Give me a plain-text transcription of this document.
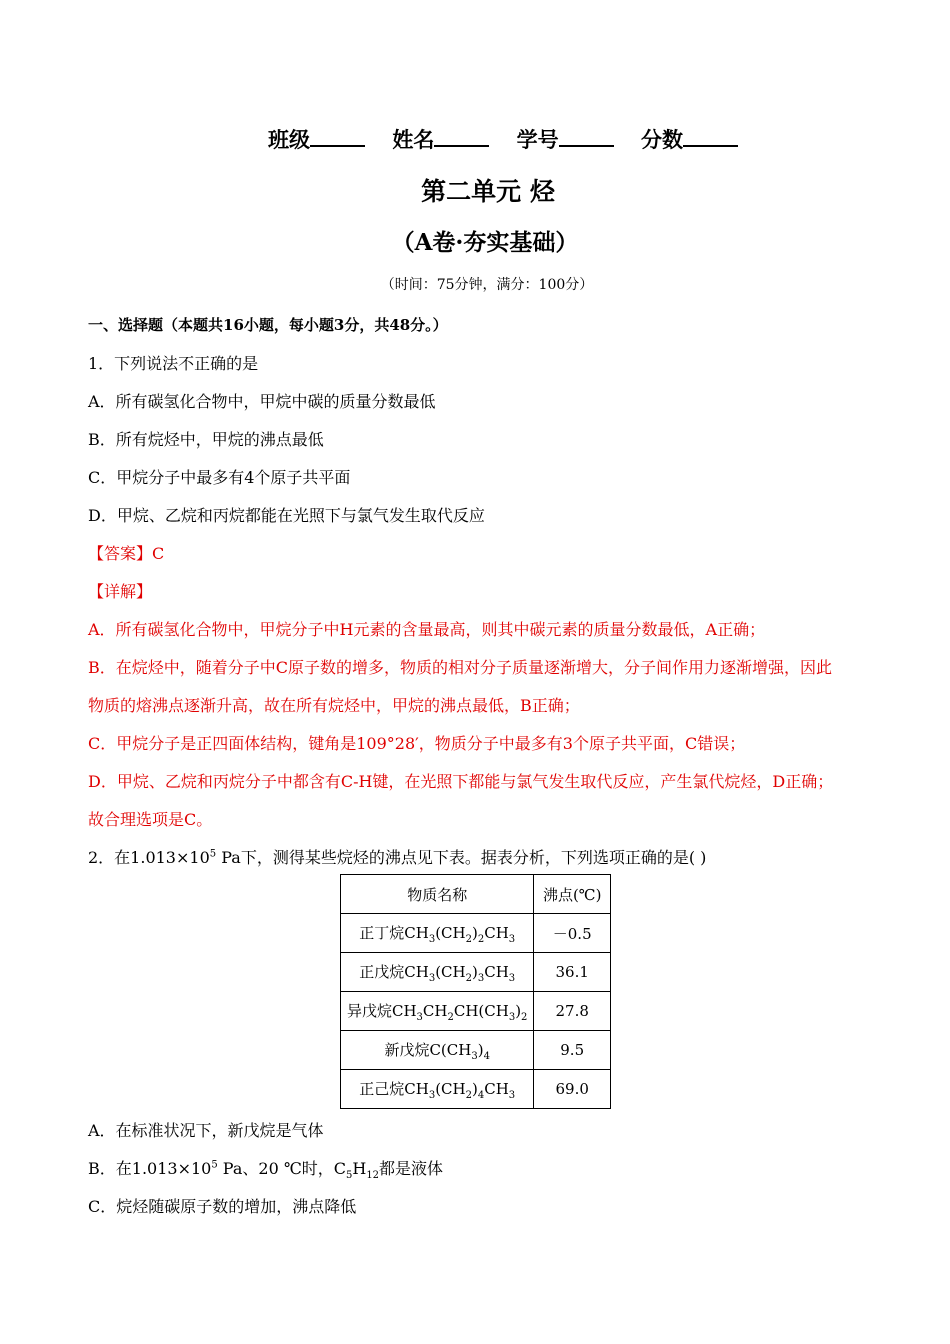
班级	姓名	学号	分数
第二单元 烃
（A卷·夯实基础）
（时间：75分钟，满分：100分）
一、选择题（本题共16小题，每小题3分，共48分。）
1．下列说法不正确的是
A．所有碳氢化合物中，甲烷中碳的质量分数最低
B．所有烷烃中，甲烷的沸点最低
C．甲烷分子中最多有4个原子共平面
D．甲烷、乙烷和丙烷都能在光照下与氯气发生取代反应
【答案】C
【详解】
A．所有碳氢化合物中，甲烷分子中H元素的含量最高，则其中碳元素的质量分数最低，A正确；
B．在烷烃中，随着分子中C原子数的增多，物质的相对分子质量逐渐增大，分子间作用力逐渐增强，因此
物质的熔沸点逐渐升高，故在所有烷烃中，甲烷的沸点最低，B正确；
C．甲烷分子是正四面体结构，键角是109°28′，物质分子中最多有3个原子共平面，C错误；
D．甲烷、乙烷和丙烷分子中都含有C-H键，在光照下都能与氯气发生取代反应，产生氯代烷烃，D正确；
故合理选项是C。
2．在$1.013\times 10^5$ Pa下，测得某些烷烃的沸点见下表。据表分析，下列选项正确的是( )
物质名称	沸点(℃)
正丁烷$CH_3(CH_2)_2CH_3$	－0.5
正戊烷$CH_3(CH_2)_3CH_3$	36.1
异戊烷$CH_3CH_2CH(CH_3)_2$	27.8
新戊烷$C(CH_3)_4$	9.5
正己烷$CH_3(CH_2)_4CH_3$	69.0
A．在标准状况下，新戊烷是气体
B．在$1.013\times 10^5$ Pa、20 ℃时，$C_5H_{12}$都是液体
C．烷烃随碳原子数的增加，沸点降低
